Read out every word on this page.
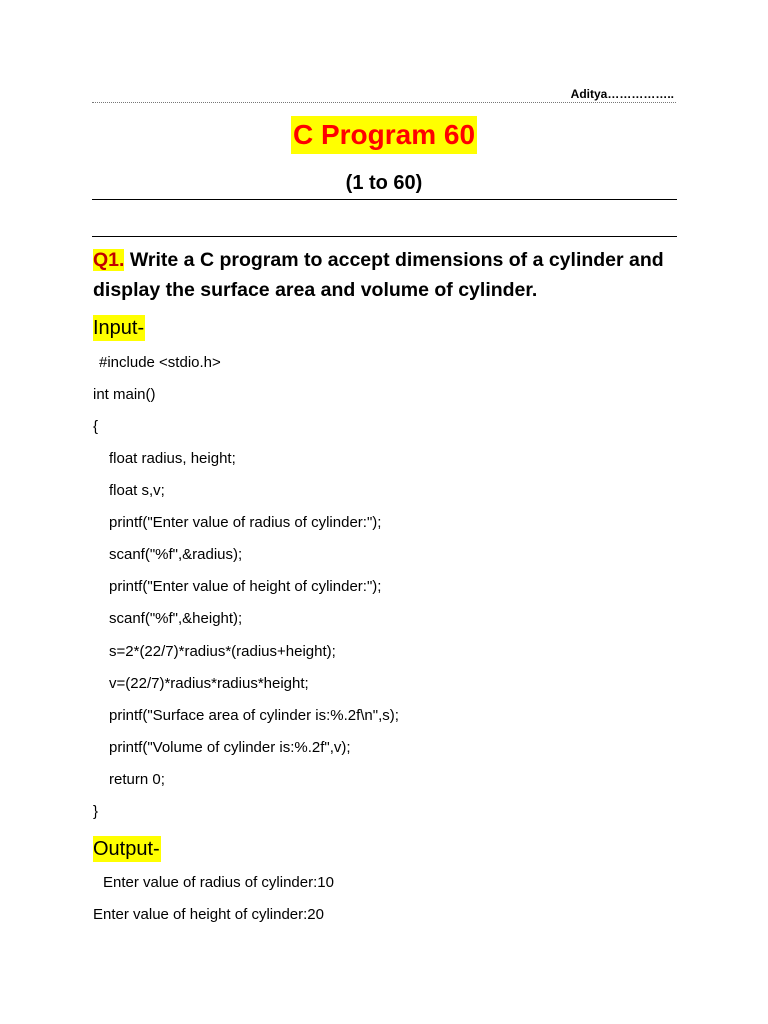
Aditya……………..
C Program 60
(1 to 60)
Q1. Write a C program to accept dimensions of a cylinder and display the surface area and volume of cylinder.
Input-
#include <stdio.h>
int main()
{
float radius, height;
float s,v;
printf("Enter value of radius of cylinder:");
scanf("%f",&radius);
printf("Enter value of height of cylinder:");
scanf("%f",&height);
s=2*(22/7)*radius*(radius+height);
v=(22/7)*radius*radius*height;
printf("Surface area of cylinder is:%.2f\n",s);
printf("Volume of cylinder is:%.2f",v);
return 0;
}
Output-
Enter value of radius of cylinder:10
Enter value of height of cylinder:20
